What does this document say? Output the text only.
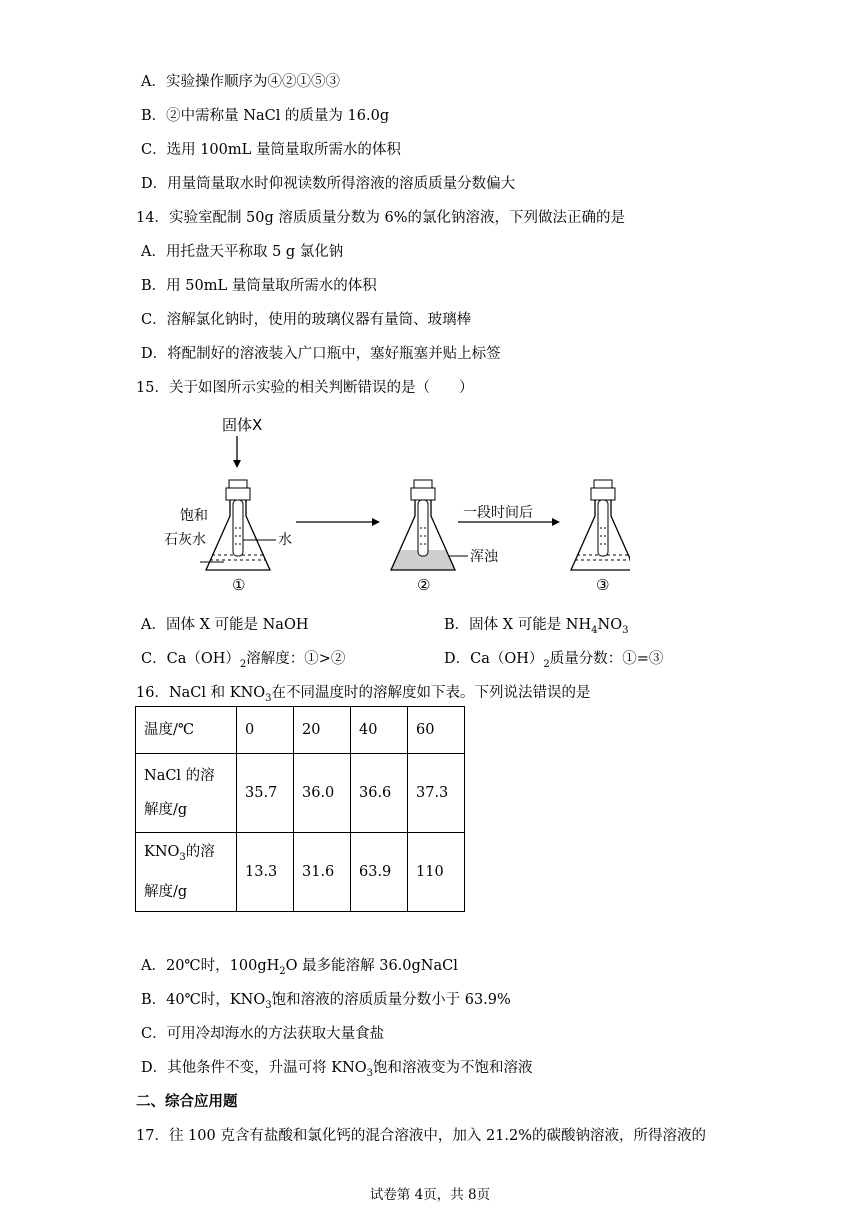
A．实验操作顺序为④②①⑤③
B．②中需称量 NaCl 的质量为 16.0g
C．选用 100mL 量筒量取所需水的体积
D．用量筒量取水时仰视读数所得溶液的溶质质量分数偏大
14．实验室配制 50g 溶质质量分数为 6%的氯化钠溶液，下列做法正确的是
A．用托盘天平称取 5 g 氯化钠
B．用 50mL 量筒量取所需水的体积
C．溶解氯化钠时，使用的玻璃仪器有量筒、玻璃棒
D．将配制好的溶液装入广口瓶中，塞好瓶塞并贴上标签
15．关于如图所示实验的相关判断错误的是（　　）
固体X
饱和
石灰水	水
①
浑浊
②
一段时间后
③
A．固体 X 可能是 NaOH	B．固体 X 可能是 $NH_4NO_3$
C．$Ca(OH)_2$溶解度：①>②	D．$Ca(OH)_2$质量分数：①=③
16．NaCl 和 $KNO_3$在不同温度时的溶解度如下表。下列说法错误的是
温度/℃	0	20	40	60
NaCl 的溶解度/g	35.7	36.0	36.6	37.3
$KNO_3$的溶解度/g	13.3	31.6	63.9	110
A．20℃时，$100gH_2O$ 最多能溶解 36.0gNaCl
B．40℃时，$KNO_3$饱和溶液的溶质质量分数小于 63.9%
C．可用冷却海水的方法获取大量食盐
D．其他条件不变，升温可将 $KNO_3$饱和溶液变为不饱和溶液
二、综合应用题
17．往 100 克含有盐酸和氯化钙的混合溶液中，加入 21.2%的碳酸钠溶液，所得溶液的
试卷第 4页，共 8页
